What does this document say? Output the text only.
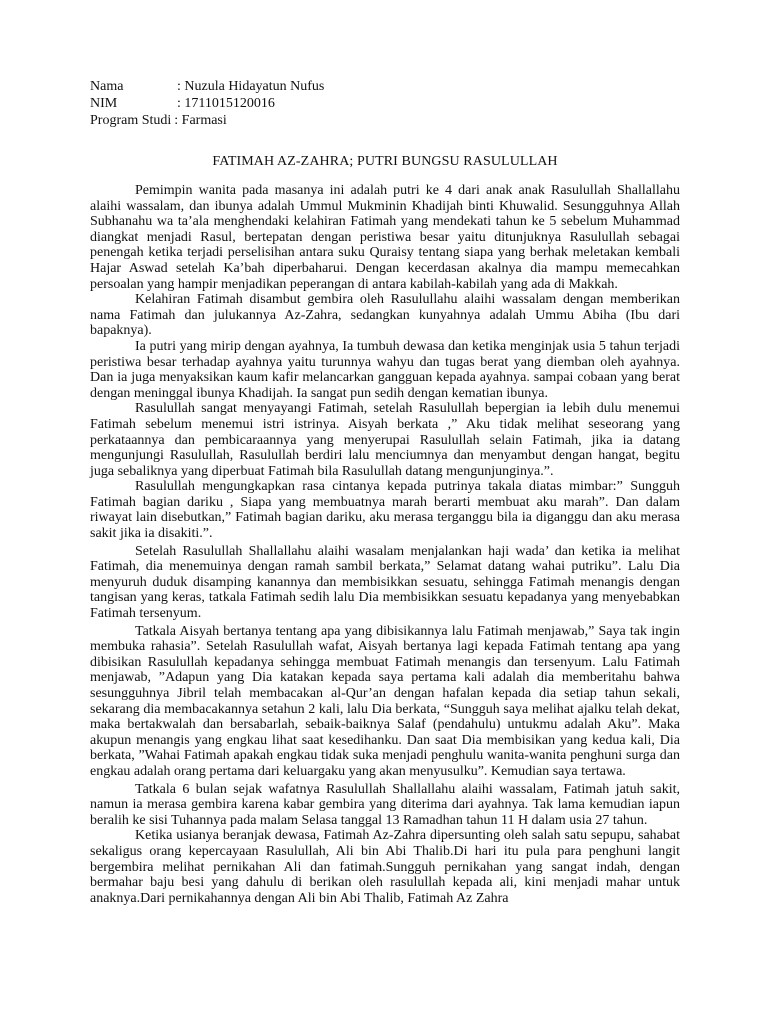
Nama	: Nuzula Hidayatun Nufus
NIM	: 1711015120016
Program Studi : Farmasi
FATIMAH AZ-ZAHRA; PUTRI BUNGSU RASULULLAH

Pemimpin wanita pada masanya ini adalah putri ke 4 dari anak anak Rasulullah Shallallahu alaihi wassalam, dan ibunya adalah Ummul Mukminin Khadijah binti Khuwalid. Sesungguhnya Allah Subhanahu wa ta’ala menghendaki kelahiran Fatimah yang mendekati tahun ke 5 sebelum Muhammad diangkat menjadi Rasul, bertepatan dengan peristiwa besar yaitu ditunjuknya Rasulullah sebagai penengah ketika terjadi perselisihan antara suku Quraisy tentang siapa yang berhak meletakan kembali Hajar Aswad setelah Ka’bah diperbaharui. Dengan kecerdasan akalnya dia mampu memecahkan persoalan yang hampir menjadikan peperangan di antara kabilah-kabilah yang ada di Makkah.

Kelahiran Fatimah disambut gembira oleh Rasulullahu alaihi wassalam dengan memberikan nama Fatimah dan julukannya Az-Zahra, sedangkan kunyahnya adalah Ummu Abiha (Ibu dari bapaknya).

Ia putri yang mirip dengan ayahnya, Ia tumbuh dewasa dan ketika menginjak usia 5 tahun terjadi peristiwa besar terhadap ayahnya yaitu turunnya wahyu dan tugas berat yang diemban oleh ayahnya. Dan ia juga menyaksikan kaum kafir melancarkan gangguan kepada ayahnya. sampai cobaan yang berat dengan meninggal ibunya Khadijah. Ia sangat pun sedih dengan kematian ibunya.

Rasulullah sangat menyayangi Fatimah, setelah Rasulullah bepergian ia lebih dulu menemui Fatimah sebelum menemui istri istrinya. Aisyah berkata ,” Aku tidak melihat seseorang yang perkataannya dan pembicaraannya yang menyerupai Rasulullah selain Fatimah, jika ia datang mengunjungi Rasulullah, Rasulullah berdiri lalu menciumnya dan menyambut dengan hangat, begitu juga sebaliknya yang diperbuat Fatimah bila Rasulullah datang mengunjunginya.”.

Rasulullah mengungkapkan rasa cintanya kepada putrinya takala diatas mimbar:” Sungguh Fatimah bagian dariku , Siapa yang membuatnya marah berarti membuat aku marah”. Dan dalam riwayat lain disebutkan,” Fatimah bagian dariku, aku merasa terganggu bila ia diganggu dan aku merasa sakit jika ia disakiti.”.

Setelah Rasulullah Shallallahu alaihi wasalam menjalankan haji wada’ dan ketika ia melihat Fatimah, dia menemuinya dengan ramah sambil berkata,” Selamat datang wahai putriku”. Lalu Dia menyuruh duduk disamping kanannya dan membisikkan sesuatu, sehingga Fatimah menangis dengan tangisan yang keras, tatkala Fatimah sedih lalu Dia membisikkan sesuatu kepadanya yang menyebabkan Fatimah tersenyum.

Tatkala Aisyah bertanya tentang apa yang dibisikannya lalu Fatimah menjawab,” Saya tak ingin membuka rahasia”. Setelah Rasulullah wafat, Aisyah bertanya lagi kepada Fatimah tentang apa yang dibisikan Rasulullah kepadanya sehingga membuat Fatimah menangis dan tersenyum. Lalu Fatimah menjawab, ”Adapun yang Dia katakan kepada saya pertama kali adalah dia memberitahu bahwa sesungguhnya Jibril telah membacakan al-Qur’an dengan hafalan kepada dia setiap tahun sekali, sekarang dia membacakannya setahun 2 kali, lalu Dia berkata, “Sungguh saya melihat ajalku telah dekat, maka bertakwalah dan bersabarlah, sebaik-baiknya Salaf (pendahulu) untukmu adalah Aku”. Maka akupun menangis yang engkau lihat saat kesedihanku. Dan saat Dia membisikan yang kedua kali, Dia berkata, ”Wahai Fatimah apakah engkau tidak suka menjadi penghulu wanita-wanita penghuni surga dan engkau adalah orang pertama dari keluargaku yang akan menyusulku”. Kemudian saya tertawa.

Tatkala 6 bulan sejak wafatnya Rasulullah Shallallahu alaihi wassalam, Fatimah jatuh sakit, namun ia merasa gembira karena kabar gembira yang diterima dari ayahnya. Tak lama kemudian iapun beralih ke sisi Tuhannya pada malam Selasa tanggal 13 Ramadhan tahun 11 H dalam usia 27 tahun.

Ketika usianya beranjak dewasa, Fatimah Az-Zahra dipersunting oleh salah satu sepupu, sahabat sekaligus orang kepercayaan Rasulullah, Ali bin Abi Thalib.Di hari itu pula para penghuni langit bergembira melihat pernikahan Ali dan fatimah.Sungguh pernikahan yang sangat indah, dengan bermahar baju besi yang dahulu di berikan oleh rasulullah kepada ali, kini menjadi mahar untuk anaknya.Dari pernikahannya dengan Ali bin Abi Thalib, Fatimah Az Zahra
